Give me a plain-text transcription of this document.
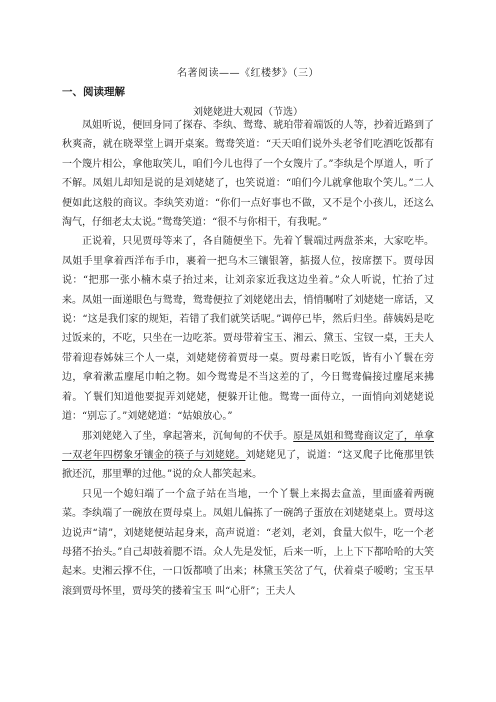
名著阅读——《红楼梦》（三）
一、阅读理解
刘姥姥进大观园（节选）

凤姐听说，便回身同了探春、李纨、鸳鸯、琥珀带着端饭的人等，抄着近路到了秋爽斋，就在晓翠堂上调开桌案。鸳鸯笑道：“天天咱们说外头老爷们吃酒吃饭都有一个篾片相公，拿他取笑儿，咱们今儿也得了一个女篾片了。”李纨是个厚道人，听了不解。凤姐儿却知是说的是刘姥姥了，也笑说道：“咱们今儿就拿他取个笑儿。”二人便如此这般的商议。李纨笑劝道：“你们一点好事也不做，又不是个小孩儿，还这么淘气，仔细老太太说。”鸳鸯笑道：“很不与你相干，有我呢。”

正说着，只见贾母等来了，各自随便坐下。先着丫鬟端过两盘茶来，大家吃毕。凤姐手里拿着西洋布手巾，裹着一把乌木三镶银箸，掂掇人位，按席摆下。贾母因说：“把那一张小楠木桌子抬过来，让刘亲家近我这边坐着。”众人听说，忙抬了过来。凤姐一面递眼色与鸳鸯，鸳鸯便拉了刘姥姥出去，悄悄嘱咐了刘姥姥一席话，又说：“这是我们家的规矩，若错了我们就笑话呢。”调停已毕，然后归坐。薛姨妈是吃过饭来的，不吃，只坐在一边吃茶。贾母带着宝玉、湘云、黛玉、宝钗一桌，王夫人带着迎春姊妹三个人一桌，刘姥姥傍着贾母一桌。贾母素日吃饭，皆有小丫鬟在旁边，拿着漱盂麈尾巾帕之物。如今鸳鸯是不当这差的了，今日鸳鸯偏接过麈尾来拂着。丫鬟们知道他要捉弄刘姥姥，便躲开让他。鸳鸯一面侍立，一面悄向刘姥姥说道：“别忘了。”刘姥姥道：“姑娘放心。”

那刘姥姥入了坐，拿起箸来，沉甸甸的不伏手。原是凤姐和鸳鸯商议定了，单拿一双老年四楞象牙镶金的筷子与刘姥姥。刘姥姥见了，说道：“这叉爬子比俺那里铁掀还沉，那里犟的过他。”说的众人都笑起来。

只见一个媳妇端了一个盒子站在当地，一个丫鬟上来揭去盒盖，里面盛着两碗菜。李纨端了一碗放在贾母桌上。凤姐儿偏拣了一碗鸽子蛋放在刘姥姥桌上。贾母这边说声“请”，刘姥姥便站起身来，高声说道：“老刘，老刘，食量大似牛，吃一个老母猪不抬头。”自己却鼓着腮不语。众人先是发怔，后来一听，上上下下都哈哈的大笑起来。史湘云撑不住，一口饭都喷了出来；林黛玉笑岔了气，伏着桌子嗳哟；宝玉早滚到贾母怀里，贾母笑的搂着宝玉 叫“心肝”；王夫人
